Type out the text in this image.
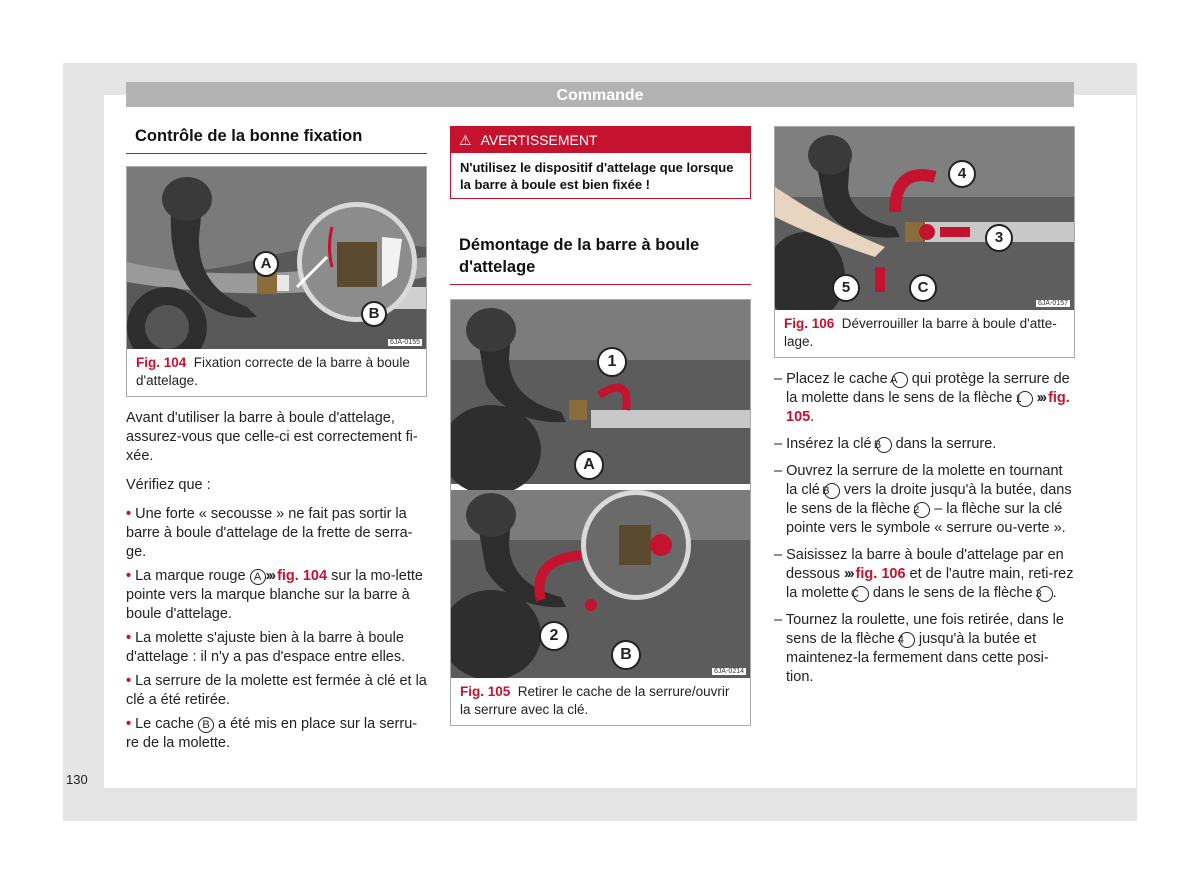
Commande
Contrôle de la bonne fixation
A
B
6JA-0155
Fig. 104 Fixation correcte de la barre à boule d'attelage.

Avant d'utiliser la barre à boule d'attelage, assurez-vous que celle-ci est correctement fi-xée.

Vérifiez que :

• Une forte « secousse » ne fait pas sortir la barre à boule d'attelage de la frette de serra-ge.
• La marque rouge A ››› fig. 104 sur la mo-lette pointe vers la marque blanche sur la barre à boule d'attelage.
• La molette s'ajuste bien à la barre à boule d'attelage : il n'y a pas d'espace entre elles.
• La serrure de la molette est fermée à clé et la clé a été retirée.
• Le cache B a été mis en place sur la serru-re de la molette.
⚠ AVERTISSEMENT
N'utilisez le dispositif d'attelage que lorsque la barre à boule est bien fixée !
Démontage de la barre à boule d'attelage
1
A
2
B
6JA-0214
Fig. 105 Retirer le cache de la serrure/ouvrir la serrure avec la clé.
4
3
5	C
6JA-0157
Fig. 106 Déverrouiller la barre à boule d'atte-lage.
– Placez le cache A qui protège la serrure de la molette dans le sens de la flèche 1 ››› fig. 105.
– Insérez la clé B dans la serrure.
– Ouvrez la serrure de la molette en tournant la clé B vers la droite jusqu'à la butée, dans le sens de la flèche 2 – la flèche sur la clé pointe vers le symbole « serrure ou-verte ».
– Saisissez la barre à boule d'attelage par en dessous ››› fig. 106 et de l'autre main, reti-rez la molette C dans le sens de la flèche 3 .
– Tournez la roulette, une fois retirée, dans le sens de la flèche 4 jusqu'à la butée et maintenez-la fermement dans cette posi-tion.
130
